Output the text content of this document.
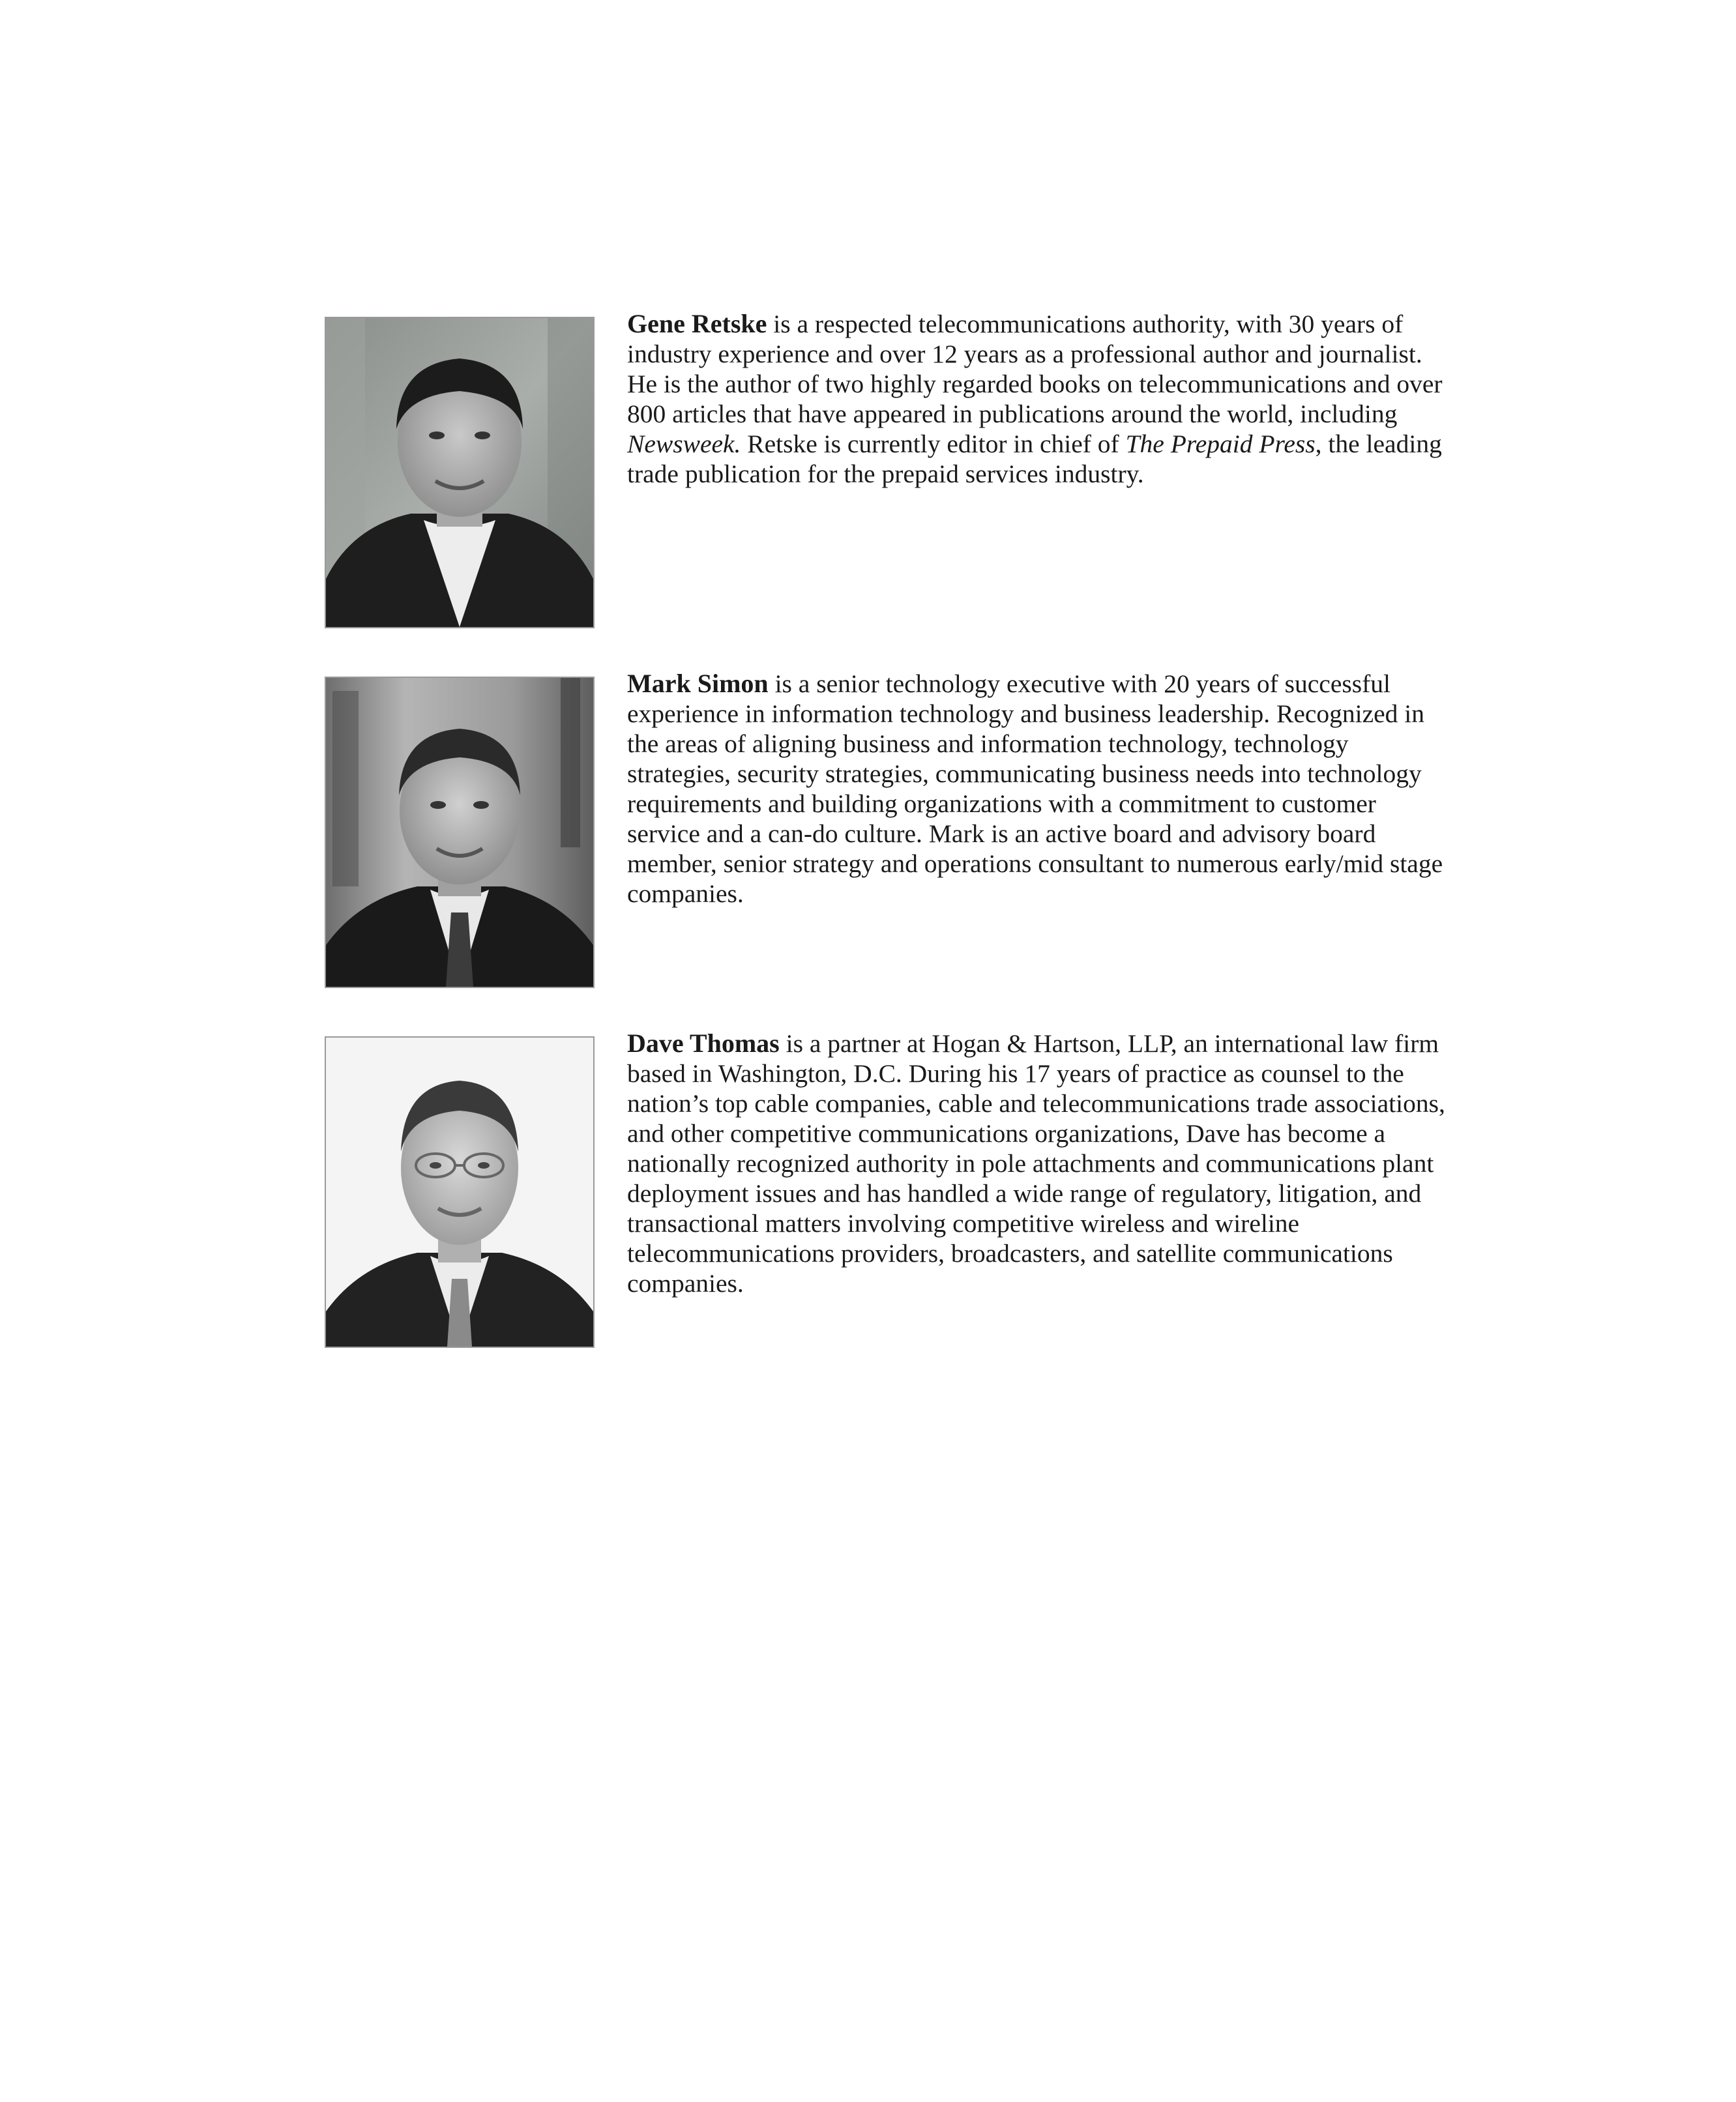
Gene Retske is a respected telecommunications authority, with 30 years of industry experience and over 12 years as a professional author and journalist. He is the author of two highly regarded books on telecommunications and over 800 articles that have appeared in publications around the world, including Newsweek. Retske is currently editor in chief of The Prepaid Press, the leading trade publication for the prepaid services industry.

Mark Simon is a senior technology executive with 20 years of successful experience in information technology and business leadership. Recognized in the areas of aligning business and information technology, technology strategies, security strategies, communicating business needs into technology requirements and building organizations with a commitment to customer service and a can-do culture. Mark is an active board and advisory board member, senior strategy and operations consultant to numerous early/mid stage companies.

Dave Thomas is a partner at Hogan & Hartson, LLP, an international law firm based in Washington, D.C. During his 17 years of practice as counsel to the nation’s top cable companies, cable and telecommunications trade associations, and other competitive communications organizations, Dave has become a nationally recognized authority in pole attachments and communications plant deployment issues and has handled a wide range of regulatory, litigation, and transactional matters involving competitive wireless and wireline telecommunications providers, broadcasters, and satellite communications companies.
